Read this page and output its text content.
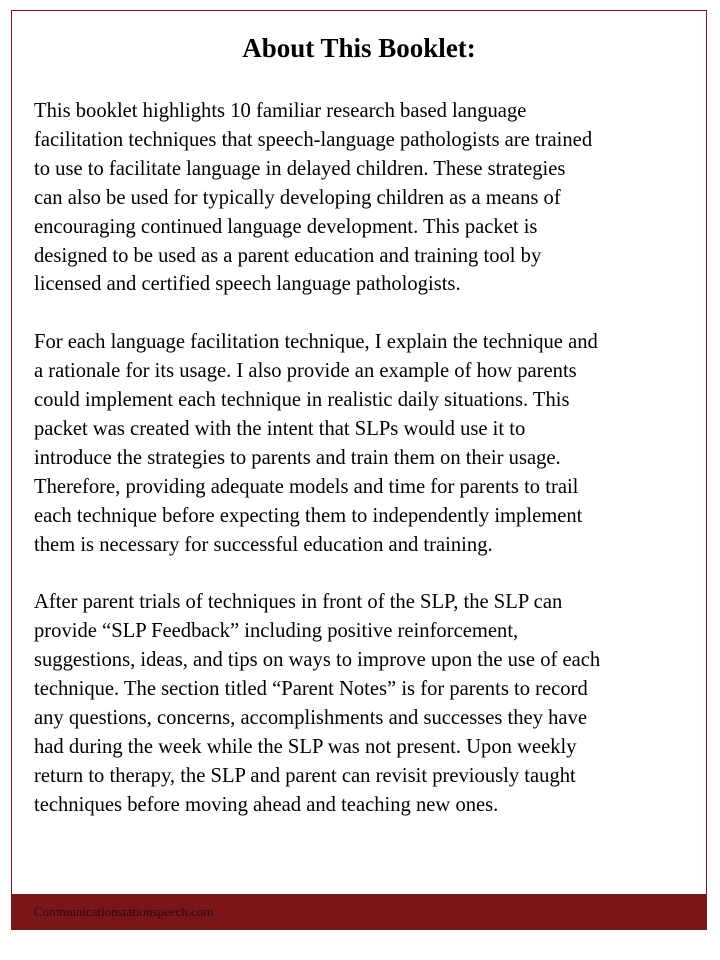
About This Booklet:

This booklet highlights 10 familiar research based language
facilitation techniques that speech-language pathologists are trained
to use to facilitate language in delayed children. These strategies
can also be used for typically developing children as a means of
encouraging continued language development. This packet is
designed to be used as a parent education and training tool by
licensed and certified speech language pathologists.

For each language facilitation technique, I explain the technique and
a rationale for its usage. I also provide an example of how parents
could implement each technique in realistic daily situations. This
packet was created with the intent that SLPs would use it to
introduce the strategies to parents and train them on their usage.
Therefore, providing adequate models and time for parents to trail
each technique before expecting them to independently implement
them is necessary for successful education and training.

After parent trials of techniques in front of the SLP, the SLP can
provide “SLP Feedback” including positive reinforcement,
suggestions, ideas, and tips on ways to improve upon the use of each
technique. The section titled “Parent Notes” is for parents to record
any questions, concerns, accomplishments and successes they have
had during the week while the SLP was not present. Upon weekly
return to therapy, the SLP and parent can revisit previously taught
techniques before moving ahead and teaching new ones.

Communicationstationspeech.com
